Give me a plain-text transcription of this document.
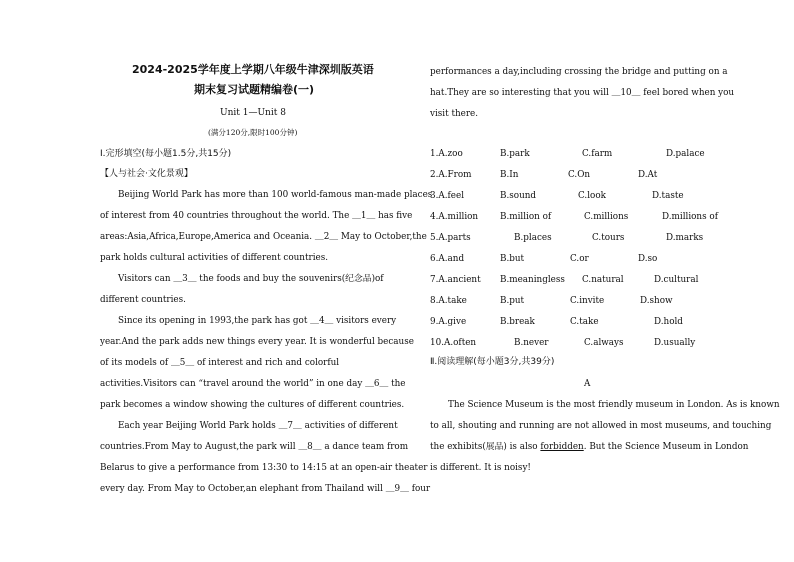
2024-2025学年度上学期八年级牛津深圳版英语
期末复习试题精编卷(一)
Unit 1—Unit 8
(满分120分,限时100分钟)
Ⅰ.完形填空(每小题1.5分,共15分)
【人与社会·文化景观】
Beijing World Park has more than 100 world-famous man-made places
of interest from 40 countries throughout the world. The ＿1＿ has five
areas:Asia,Africa,Europe,America and Oceania. ＿2＿ May to October,the
park holds cultural activities of different countries.
Visitors can ＿3＿ the foods and buy the souvenirs(纪念品)of
different countries.
Since its opening in 1993,the park has got ＿4＿ visitors every
year.And the park adds new things every year. It is wonderful because
of its models of ＿5＿ of interest and rich and colorful
activities.Visitors can “travel around the world” in one day ＿6＿ the
park becomes a window showing the cultures of different countries.
Each year Beijing World Park holds ＿7＿ activities of different
countries.From May to August,the park will ＿8＿ a dance team from
Belarus to give a performance from 13:30 to 14:15 at an open-air theater
every day. From May to October,an elephant from Thailand will ＿9＿ four
performances a day,including crossing the bridge and putting on a
hat.They are so interesting that you will ＿10＿ feel bored when you
visit there.
1.A.zoo	B.park	C.farm	D.palace
2.A.From	B.In	C.On	D.At
3.A.feel	B.sound	C.look	D.taste
4.A.million B.million of	C.millions	D.millions of
5.A.parts	B.places	C.tours	D.marks
6.A.and	B.but	C.or	D.so
7.A.ancient B.meaningless C.natural	D.cultural
8.A.take	B.put	C.invite	D.show
9.A.give	B.break	C.take	D.hold
10.A.often	B.never	C.always	D.usually
Ⅱ.阅读理解(每小题3分,共39分)
A
The Science Museum is the most friendly museum in London. As is known
to all, shouting and running are not allowed in most museums, and touching
the exhibits(展品) is also forbidden. But the Science Museum in London
is different. It is noisy!
